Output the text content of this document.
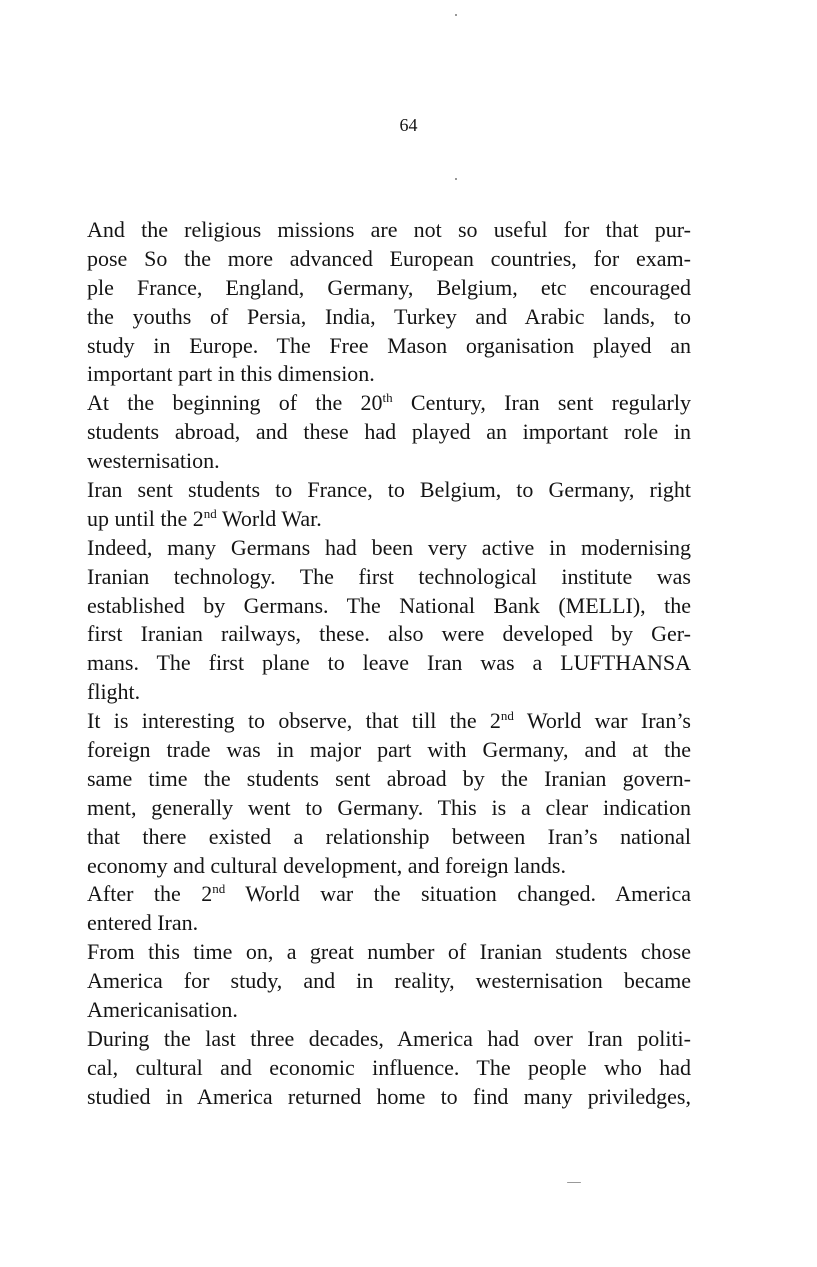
64
And the religious missions are not so useful for that pur-
pose So the more advanced European countries, for exam-
ple France, England, Germany, Belgium, etc encouraged
the youths of Persia, India, Turkey and Arabic lands, to
study in Europe. The Free Mason organisation played an
important part in this dimension.
At the beginning of the 20th Century, Iran sent regularly
students abroad, and these had played an important role in
westernisation.
Iran sent students to France, to Belgium, to Germany, right
up until the 2nd World War.
Indeed, many Germans had been very active in modernising
Iranian technology. The first technological institute was
established by Germans. The National Bank (MELLI), the
first Iranian railways, these. also were developed by Ger-
mans. The first plane to leave Iran was a LUFTHANSA
flight.
It is interesting to observe, that till the 2nd World war Iran’s
foreign trade was in major part with Germany, and at the
same time the students sent abroad by the Iranian govern-
ment, generally went to Germany. This is a clear indication
that there existed a relationship between Iran’s national
economy and cultural development, and foreign lands.
After the 2nd World war the situation changed. America
entered Iran.
From this time on, a great number of Iranian students chose
America for study, and in reality, westernisation became
Americanisation.
During the last three decades, America had over Iran politi-
cal, cultural and economic influence. The people who had
studied in America returned home to find many priviledges,
